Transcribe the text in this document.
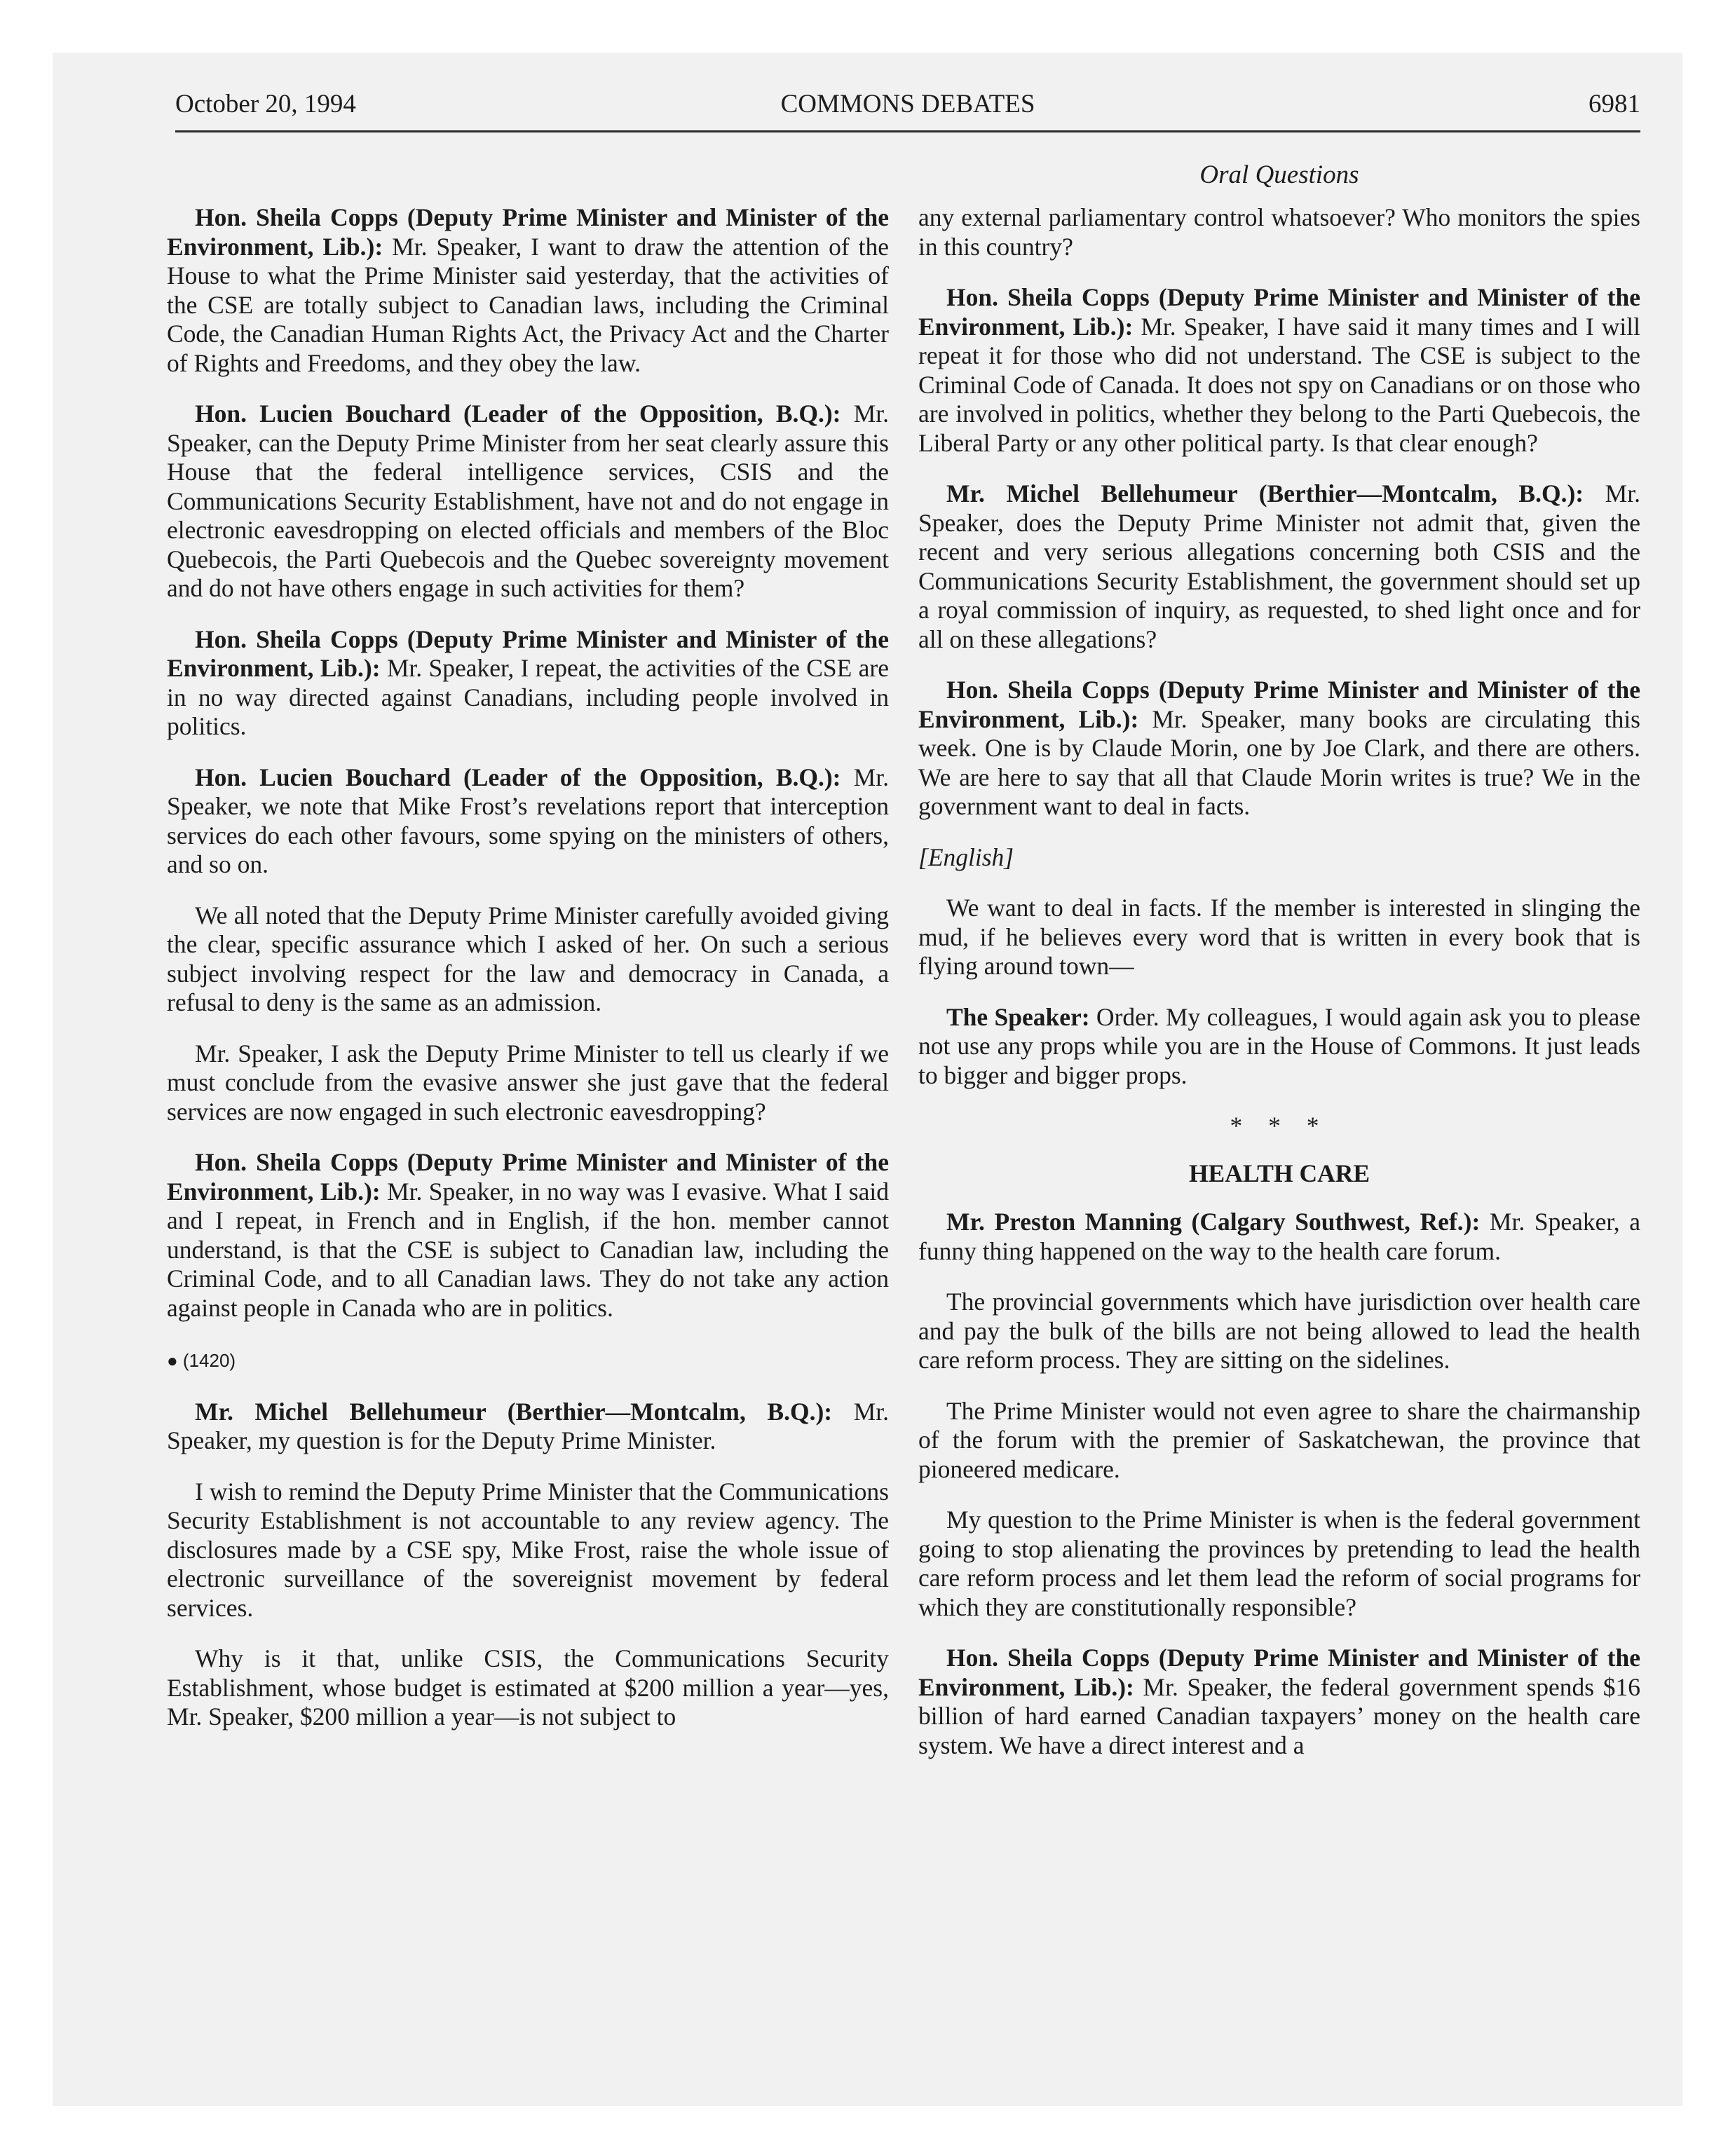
October 20, 1994	COMMONS DEBATES	6981
Oral Questions

Hon. Sheila Copps (Deputy Prime Minister and Minister of the Environment, Lib.): Mr. Speaker, I want to draw the attention of the House to what the Prime Minister said yesterday, that the activities of the CSE are totally subject to Canadian laws, including the Criminal Code, the Canadian Human Rights Act, the Privacy Act and the Charter of Rights and Freedoms, and they obey the law.

Hon. Lucien Bouchard (Leader of the Opposition, B.Q.): Mr. Speaker, can the Deputy Prime Minister from her seat clearly assure this House that the federal intelligence services, CSIS and the Communications Security Establishment, have not and do not engage in electronic eavesdropping on elected officials and members of the Bloc Quebecois, the Parti Quebecois and the Quebec sovereignty movement and do not have others engage in such activities for them?

Hon. Sheila Copps (Deputy Prime Minister and Minister of the Environment, Lib.): Mr. Speaker, I repeat, the activities of the CSE are in no way directed against Canadians, including people involved in politics.

Hon. Lucien Bouchard (Leader of the Opposition, B.Q.): Mr. Speaker, we note that Mike Frost’s revelations report that interception services do each other favours, some spying on the ministers of others, and so on.

We all noted that the Deputy Prime Minister carefully avoided giving the clear, specific assurance which I asked of her. On such a serious subject involving respect for the law and democracy in Canada, a refusal to deny is the same as an admission.

Mr. Speaker, I ask the Deputy Prime Minister to tell us clearly if we must conclude from the evasive answer she just gave that the federal services are now engaged in such electronic eavesdropping?

Hon. Sheila Copps (Deputy Prime Minister and Minister of the Environment, Lib.): Mr. Speaker, in no way was I evasive. What I said and I repeat, in French and in English, if the hon. member cannot understand, is that the CSE is subject to Canadian law, including the Criminal Code, and to all Canadian laws. They do not take any action against people in Canada who are in politics.

● (1420)

Mr. Michel Bellehumeur (Berthier—Montcalm, B.Q.): Mr. Speaker, my question is for the Deputy Prime Minister.

I wish to remind the Deputy Prime Minister that the Communications Security Establishment is not accountable to any review agency. The disclosures made by a CSE spy, Mike Frost, raise the whole issue of electronic surveillance of the sovereignist movement by federal services.

Why is it that, unlike CSIS, the Communications Security Establishment, whose budget is estimated at $200 million a year—yes, Mr. Speaker, $200 million a year—is not subject to

any external parliamentary control whatsoever? Who monitors the spies in this country?

Hon. Sheila Copps (Deputy Prime Minister and Minister of the Environment, Lib.): Mr. Speaker, I have said it many times and I will repeat it for those who did not understand. The CSE is subject to the Criminal Code of Canada. It does not spy on Canadians or on those who are involved in politics, whether they belong to the Parti Quebecois, the Liberal Party or any other political party. Is that clear enough?

Mr. Michel Bellehumeur (Berthier—Montcalm, B.Q.): Mr. Speaker, does the Deputy Prime Minister not admit that, given the recent and very serious allegations concerning both CSIS and the Communications Security Establishment, the government should set up a royal commission of inquiry, as requested, to shed light once and for all on these allegations?

Hon. Sheila Copps (Deputy Prime Minister and Minister of the Environment, Lib.): Mr. Speaker, many books are circulating this week. One is by Claude Morin, one by Joe Clark, and there are others. We are here to say that all that Claude Morin writes is true? We in the government want to deal in facts.

[English]

We want to deal in facts. If the member is interested in slinging the mud, if he believes every word that is written in every book that is flying around town—

The Speaker: Order. My colleagues, I would again ask you to please not use any props while you are in the House of Commons. It just leads to bigger and bigger props.

* * *

HEALTH CARE

Mr. Preston Manning (Calgary Southwest, Ref.): Mr. Speaker, a funny thing happened on the way to the health care forum.

The provincial governments which have jurisdiction over health care and pay the bulk of the bills are not being allowed to lead the health care reform process. They are sitting on the sidelines.

The Prime Minister would not even agree to share the chairmanship of the forum with the premier of Saskatchewan, the province that pioneered medicare.

My question to the Prime Minister is when is the federal government going to stop alienating the provinces by pretending to lead the health care reform process and let them lead the reform of social programs for which they are constitutionally responsible?

Hon. Sheila Copps (Deputy Prime Minister and Minister of the Environment, Lib.): Mr. Speaker, the federal government spends $16 billion of hard earned Canadian taxpayers’ money on the health care system. We have a direct interest and a
